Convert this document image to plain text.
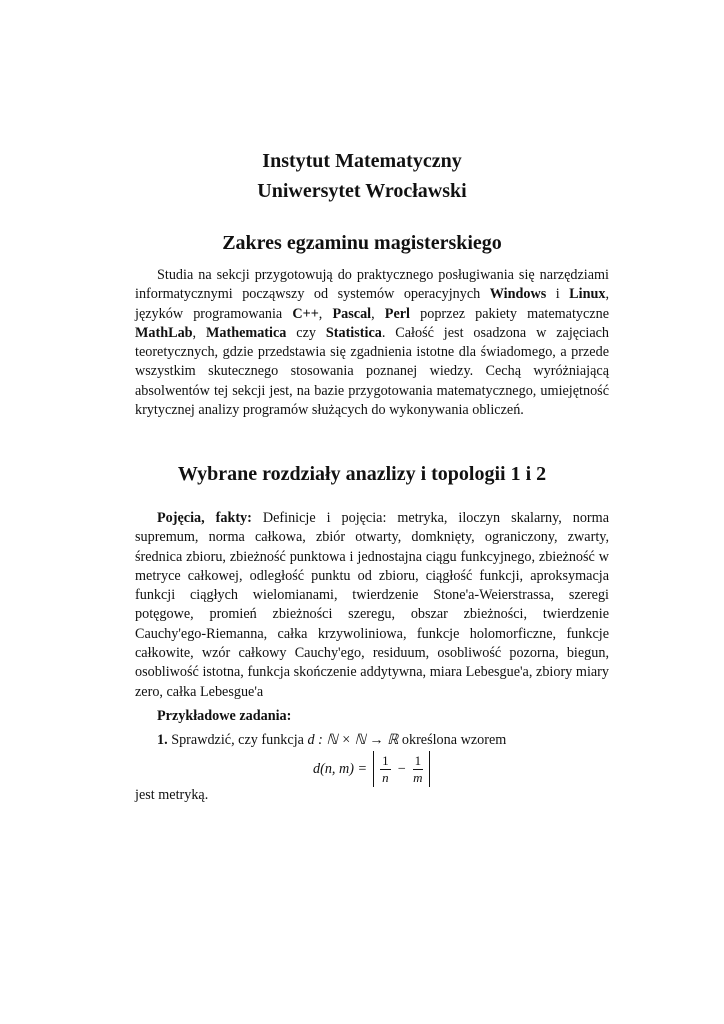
Instytut Matematyczny
Uniwersytet Wrocławski
Zakres egzaminu magisterskiego
Studia na sekcji przygotowują do praktycznego posługiwania się narzędziami informatycznymi począwszy od systemów operacyjnych Windows i Linux, języków programowania C++, Pascal, Perl poprzez pakiety matematyczne MathLab, Mathematica czy Statistica. Całość jest osadzona w zajęciach teoretycznych, gdzie przedstawia się zgadnienia istotne dla świadomego, a przede wszystkim skutecznego stosowania poznanej wiedzy. Cechą wyróżniającą absolwentów tej sekcji jest, na bazie przygotowania matematycznego, umiejętność krytycznej analizy programów służących do wykonywania obliczeń.
Wybrane rozdziały anazlizy i topologii 1 i 2
Pojęcia, fakty: Definicje i pojęcia: metryka, iloczyn skalarny, norma supremum, norma całkowa, zbiór otwarty, domknięty, ograniczony, zwarty, średnica zbioru, zbieżność punktowa i jednostajna ciągu funkcyjnego, zbieżność w metryce całkowej, odległość punktu od zbioru, ciągłość funkcji, aproksymacja funkcji ciągłych wielomianami, twierdzenie Stone'a-Weierstrassa, szeregi potęgowe, promień zbieżności szeregu, obszar zbieżności, twierdzenie Cauchy'ego-Riemanna, całka krzywoliniowa, funkcje holomorficzne, funkcje całkowite, wzór całkowy Cauchy'ego, residuum, osobliwość pozorna, biegun, osobliwość istotna, funkcja skończenie addytywna, miara Lebesgue'a, zbiory miary zero, całka Lebesgue'a
Przykładowe zadania:
1. Sprawdzić, czy funkcja d : ℕ × ℕ → ℝ określona wzorem
d(n, $m) = \frac{1}{n} - \frac{1}{m}$
jest metryką.
